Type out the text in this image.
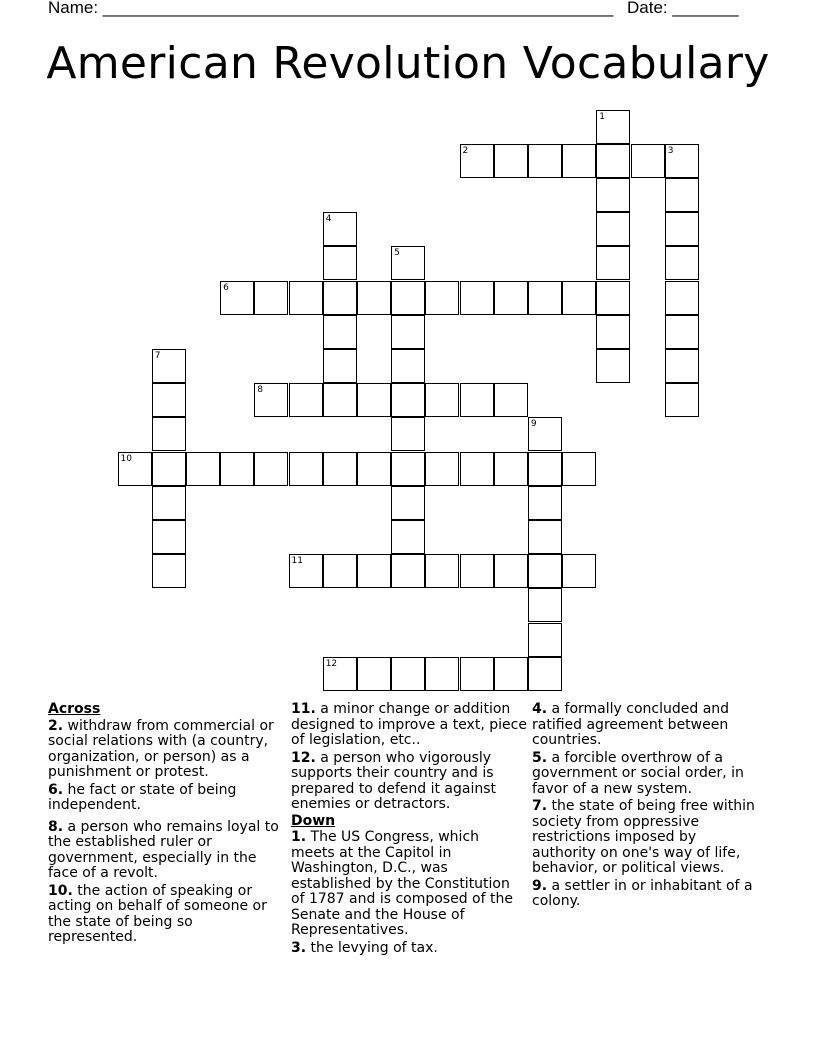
Name: ______________________________________________________ Date: _______
American Revolution Vocabulary
1
2	3
4
5
6
7
8
9
10
11
12
Across
2. withdraw from commercial or social relations with (a country, organization, or person) as a punishment or protest.
6. he fact or state of being independent.
8. a person who remains loyal to the established ruler or government, especially in the face of a revolt.
10. the action of speaking or acting on behalf of someone or the state of being so represented.
11. a minor change or addition designed to improve a text, piece of legislation, etc..
12. a person who vigorously supports their country and is prepared to defend it against enemies or detractors.
Down
1. The US Congress, which meets at the Capitol in Washington, D.C., was established by the Constitution of 1787 and is composed of the Senate and the House of Representatives.
3. the levying of tax.
4. a formally concluded and ratified agreement between countries.
5. a forcible overthrow of a government or social order, in favor of a new system.
7. the state of being free within society from oppressive restrictions imposed by authority on one's way of life, behavior, or political views.
9. a settler in or inhabitant of a colony.
